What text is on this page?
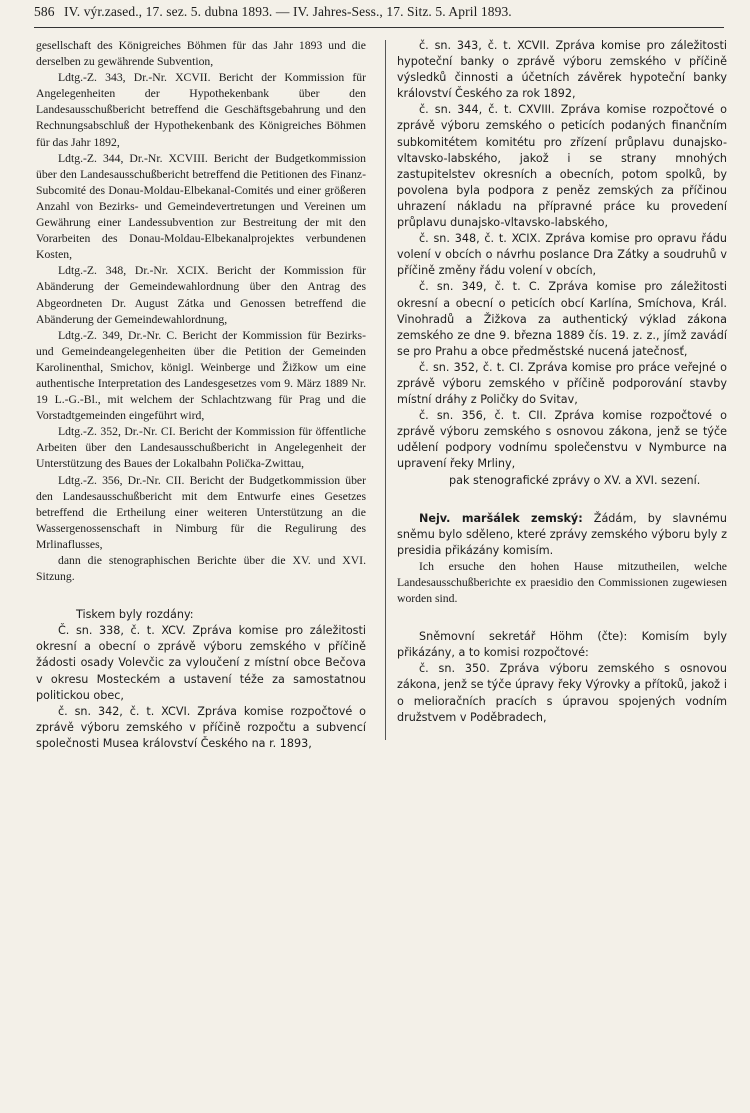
586 IV. výr.zased., 17. sez. 5. dubna 1893. — IV. Jahres-Sess., 17. Sitz. 5. April 1893.

gesellschaft des Königreiches Böhmen für das Jahr 1893 und die derselben zu gewährende Subvention,

Ldtg.-Z. 343, Dr.-Nr. XCVII. Bericht der Kommission für Angelegenheiten der Hypothekenbank über den Landesausschußbericht betreffend die Geschäftsgebahrung und den Rechnungsabschluß der Hypothekenbank des Königreiches Böhmen für das Jahr 1892,

Ldtg.-Z. 344, Dr.-Nr. XCVIII. Bericht der Budgetkommission über den Landesausschußbericht betreffend die Petitionen des Finanz-Subcomité des Donau-Moldau-Elbekanal-Comités und einer größeren Anzahl von Bezirks- und Gemeindevertretungen und Vereinen um Gewährung einer Landessubvention zur Bestreitung der mit den Vorarbeiten des Donau-Moldau-Elbekanalprojektes verbundenen Kosten,

Ldtg.-Z. 348, Dr.-Nr. XCIX. Bericht der Kommission für Abänderung der Gemeindewahlordnung über den Antrag des Abgeordneten Dr. August Zátka und Genossen betreffend die Abänderung der Gemeindewahlordnung,

Ldtg.-Z. 349, Dr.-Nr. C. Bericht der Kommission für Bezirks- und Gemeindeangelegenheiten über die Petition der Gemeinden Karolinenthal, Smichov, königl. Weinberge und Žižkow um eine authentische Interpretation des Landesgesetzes vom 9. März 1889 Nr. 19 L.-G.-Bl., mit welchem der Schlachtzwang für Prag und die Vorstadtgemeinden eingeführt wird,

Ldtg.-Z. 352, Dr.-Nr. CI. Bericht der Kommission für öffentliche Arbeiten über den Landesausschußbericht in Angelegenheit der Unterstützung des Baues der Lokalbahn Polička-Zwittau,

Ldtg.-Z. 356, Dr.-Nr. CII. Bericht der Budgetkommission über den Landesausschußbericht mit dem Entwurfe eines Gesetzes betreffend die Ertheilung einer weiteren Unterstützung an die Wassergenossenschaft in Nimburg für die Regulirung des Mrlinaflusses,

dann die stenographischen Berichte über die XV. und XVI. Sitzung.

Tiskem byly rozdány:

Č. sn. 338, č. t. XCV. Zpráva komise pro záležitosti okresní a obecní o zprávě výboru zemského v příčině žádosti osady Volevčic za vyloučení z místní obce Bečova v okresu Mosteckém a ustavení téže za samostatnou politickou obec,

č. sn. 342, č. t. XCVI. Zpráva komise rozpočtové o zprávě výboru zemského v příčině rozpočtu a subvencí společnosti Musea království Českého na r. 1893,

č. sn. 343, č. t. XCVII. Zpráva komise pro záležitosti hypoteční banky o zprávě výboru zemského v příčině výsledků činnosti a účetních závěrek hypoteční banky království Českého za rok 1892,

č. sn. 344, č. t. CXVIII. Zpráva komise rozpočtové o zprávě výboru zemského o peticích podaných finančním subkomitétem komitétu pro zřízení průplavu dunajsko-vltavsko-labského, jakož i se strany mnohých zastupitelstev okresních a obecních, potom spolků, by povolena byla podpora z peněz zemských za příčinou uhrazení nákladu na přípravné práce ku provedení průplavu dunajsko-vltavsko-labského,

č. sn. 348, č. t. XCIX. Zpráva komise pro opravu řádu volení v obcích o návrhu poslance Dra Zátky a soudruhů v příčině změny řádu volení v obcích,

č. sn. 349, č. t. C. Zpráva komise pro záležitosti okresní a obecní o peticích obcí Karlína, Smíchova, Král. Vinohradů a Žižkova za authentický výklad zákona zemského ze dne 9. března 1889 čís. 19. z. z., jímž zavádí se pro Prahu a obce předměstské nucená jatečnosť,

č. sn. 352, č. t. CI. Zpráva komise pro práce veřejné o zprávě výboru zemského v příčině podporování stavby místní dráhy z Poličky do Svitav,

č. sn. 356, č. t. CII. Zpráva komise rozpočtové o zprávě výboru zemského s osnovou zákona, jenž se týče udělení podpory vodnímu společenstvu v Nymburce na upravení řeky Mrliny,

pak stenografické zprávy o XV. a XVI. sezení.

Nejv. maršálek zemský: Žádám, by slavnému sněmu bylo sděleno, které zprávy zemského výboru byly z presidia přikázány komisím.

Ich ersuche den hohen Hause mitzutheilen, welche Landesausschußberichte ex praesidio den Commissionen zugewiesen worden sind.

Sněmovní sekretář Höhm (čte): Komisím byly přikázány, a to komisi rozpočtové:

č. sn. 350. Zpráva výboru zemského s osnovou zákona, jenž se týče úpravy řeky Výrovky a přítoků, jakož i o melioračních pracích s úpravou spojených vodním družstvem v Poděbradech,
